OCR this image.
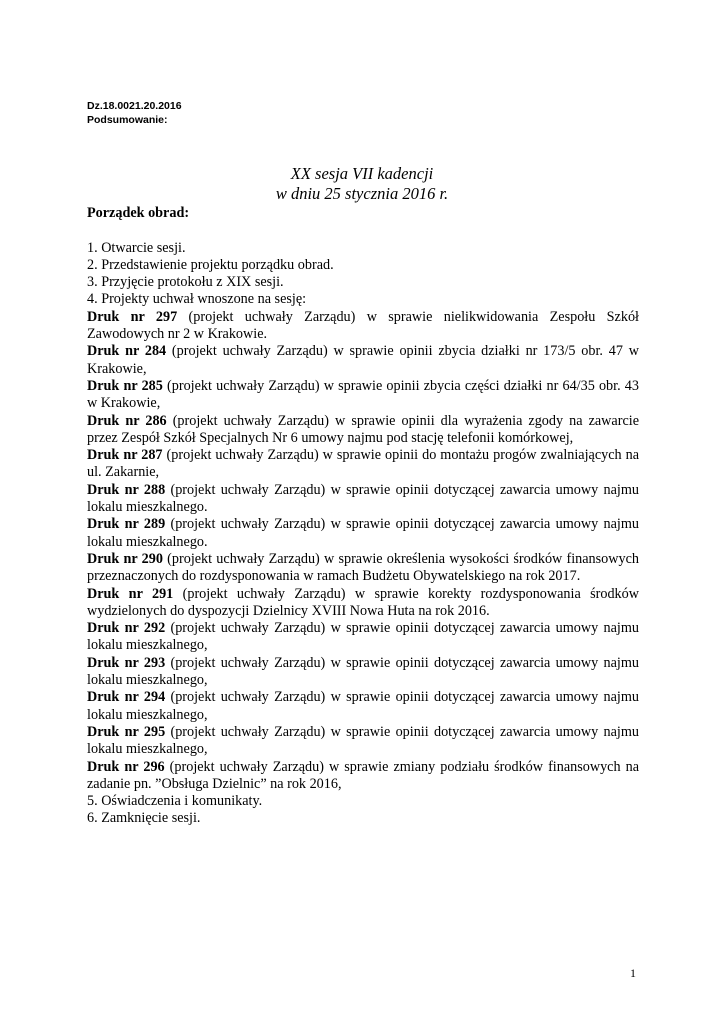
Dz.18.0021.20.2016
Podsumowanie:
XX sesja VII kadencji
w dniu 25 stycznia 2016 r.
Porządek obrad:
1. Otwarcie sesji.
2. Przedstawienie projektu porządku obrad.
3. Przyjęcie protokołu z XIX sesji.
4. Projekty uchwał wnoszone na sesję:
Druk nr 297 (projekt uchwały Zarządu) w sprawie nielikwidowania Zespołu Szkół Zawodowych nr 2 w Krakowie.
Druk nr 284 (projekt uchwały Zarządu) w sprawie opinii zbycia działki nr 173/5 obr. 47 w Krakowie,
Druk nr 285 (projekt uchwały Zarządu) w sprawie opinii zbycia części działki nr 64/35 obr. 43 w Krakowie,
Druk nr 286 (projekt uchwały Zarządu) w sprawie opinii dla wyrażenia zgody na zawarcie przez Zespół Szkół Specjalnych Nr 6 umowy najmu pod stację telefonii komórkowej,
Druk nr 287 (projekt uchwały Zarządu) w sprawie opinii do montażu progów zwalniających na ul. Zakarnie,
Druk nr 288 (projekt uchwały Zarządu) w sprawie opinii dotyczącej zawarcia umowy najmu lokalu mieszkalnego.
Druk nr 289 (projekt uchwały Zarządu) w sprawie opinii dotyczącej zawarcia umowy najmu lokalu mieszkalnego.
Druk nr 290 (projekt uchwały Zarządu) w sprawie określenia wysokości środków finansowych przeznaczonych do rozdysponowania w ramach Budżetu Obywatelskiego na rok 2017.
Druk nr 291 (projekt uchwały Zarządu) w sprawie korekty rozdysponowania środków wydzielonych do dyspozycji Dzielnicy XVIII Nowa Huta na rok 2016.
Druk nr 292 (projekt uchwały Zarządu) w sprawie opinii dotyczącej zawarcia umowy najmu lokalu mieszkalnego,
Druk nr 293 (projekt uchwały Zarządu) w sprawie opinii dotyczącej zawarcia umowy najmu lokalu mieszkalnego,
Druk nr 294 (projekt uchwały Zarządu) w sprawie opinii dotyczącej zawarcia umowy najmu lokalu mieszkalnego,
Druk nr 295 (projekt uchwały Zarządu) w sprawie opinii dotyczącej zawarcia umowy najmu lokalu mieszkalnego,
Druk nr 296 (projekt uchwały Zarządu) w sprawie zmiany podziału środków finansowych na zadanie pn. ”Obsługa Dzielnic” na rok 2016,
5. Oświadczenia i komunikaty.
6. Zamknięcie sesji.
1
